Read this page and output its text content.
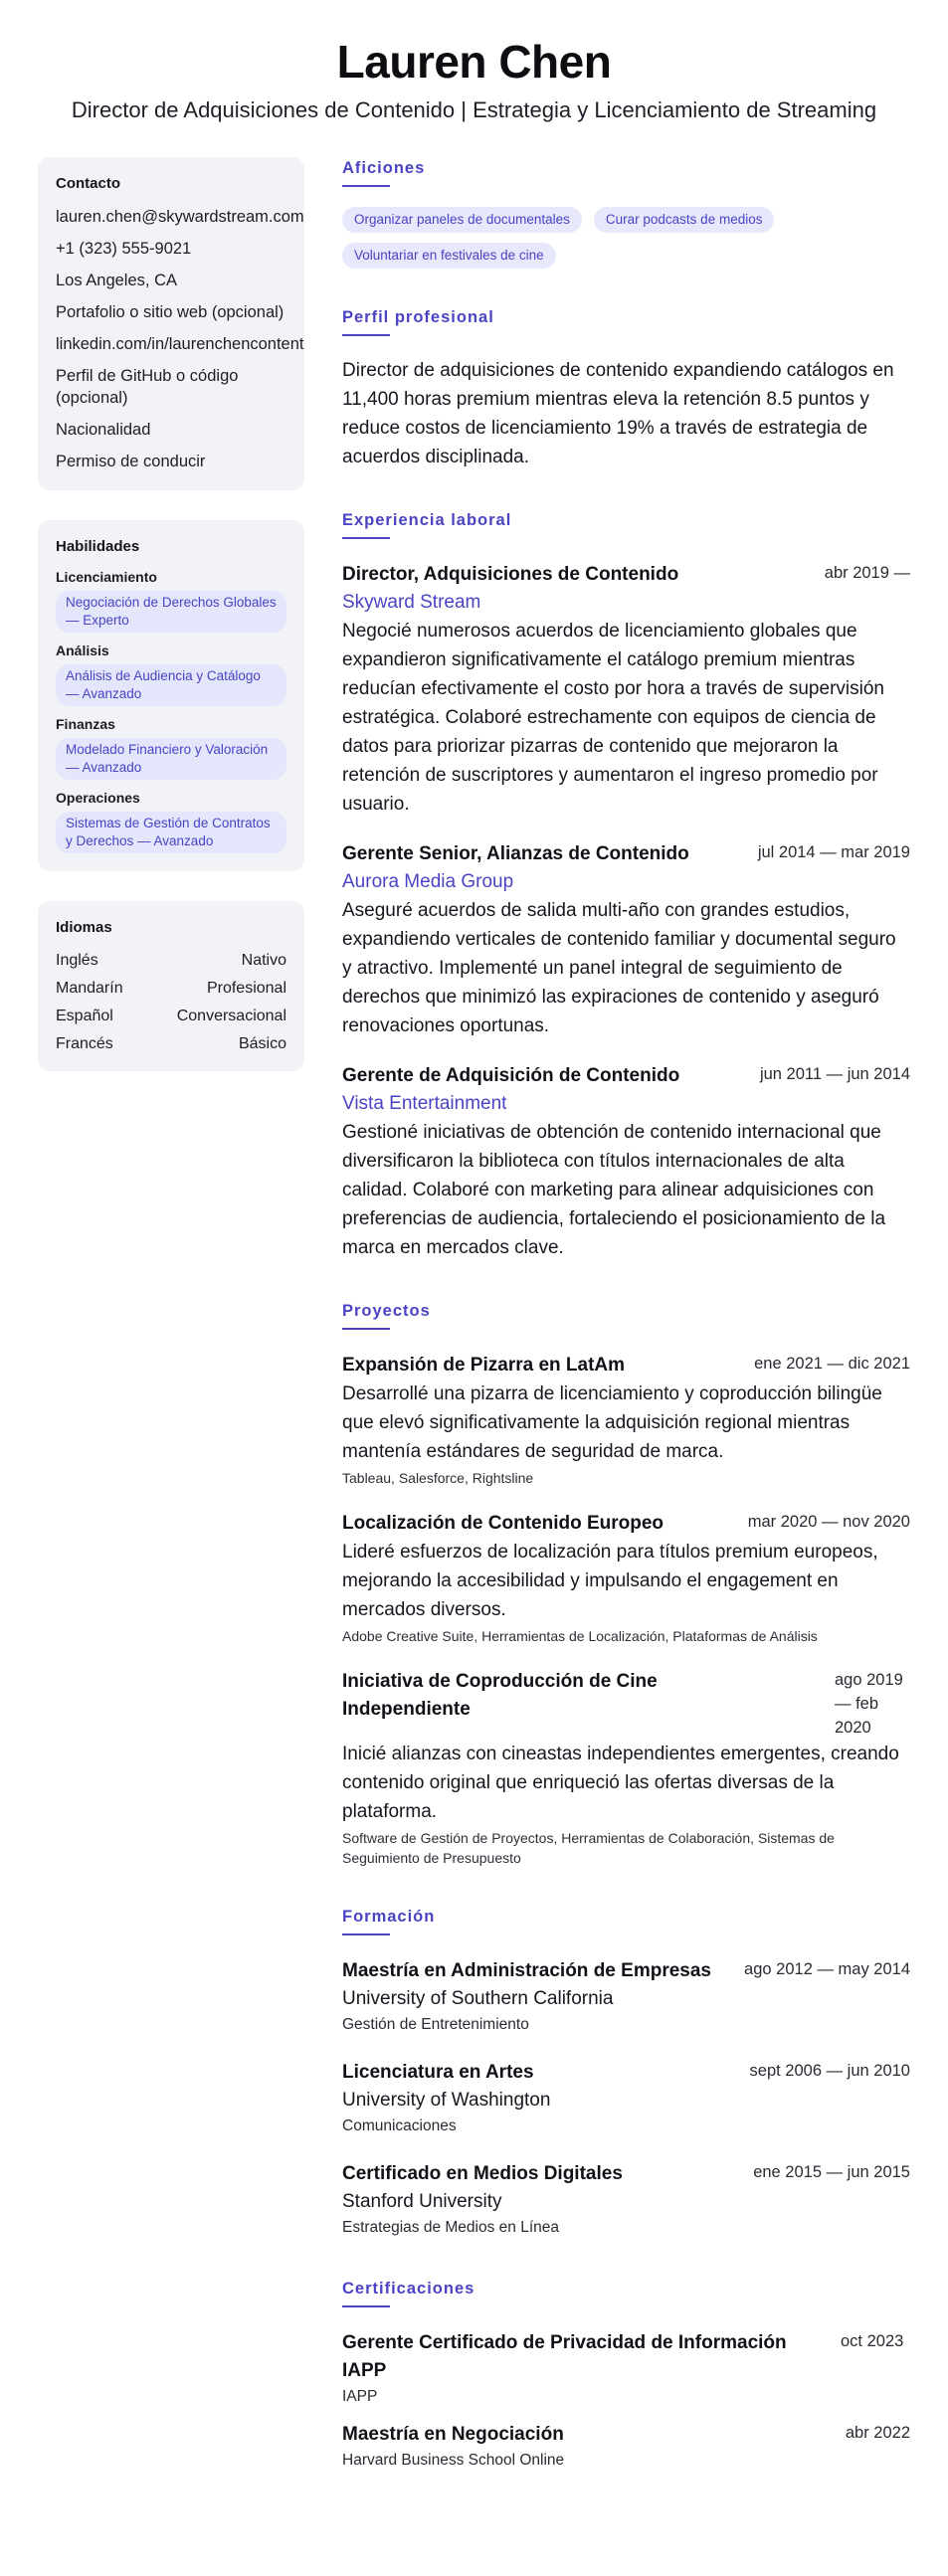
Lauren Chen
Director de Adquisiciones de Contenido | Estrategia y Licenciamiento de Streaming
Contacto
lauren.chen@skywardstream.com
+1 (323) 555-9021
Los Angeles, CA
Portafolio o sitio web (opcional)
linkedin.com/in/laurenchencontent
Perfil de GitHub o código (opcional)
Nacionalidad
Permiso de conducir
Habilidades
Licenciamiento
Negociación de Derechos Globales — Experto
Análisis
Análisis de Audiencia y Catálogo — Avanzado
Finanzas
Modelado Financiero y Valoración — Avanzado
Operaciones
Sistemas de Gestión de Contratos y Derechos — Avanzado
Idiomas
Inglés	Nativo
Mandarín	Profesional
Español	Conversacional
Francés	Básico
Aficiones
Organizar paneles de documentales	Curar podcasts de medios
Voluntariar en festivales de cine
Perfil profesional
Director de adquisiciones de contenido expandiendo catálogos en 11,400 horas premium mientras eleva la retención 8.5 puntos y reduce costos de licenciamiento 19% a través de estrategia de acuerdos disciplinada.
Experiencia laboral
Director, Adquisiciones de Contenido	abr 2019 —
Skyward Stream
Negocié numerosos acuerdos de licenciamiento globales que expandieron significativamente el catálogo premium mientras reducían efectivamente el costo por hora a través de supervisión estratégica. Colaboré estrechamente con equipos de ciencia de datos para priorizar pizarras de contenido que mejoraron la retención de suscriptores y aumentaron el ingreso promedio por usuario.
Gerente Senior, Alianzas de Contenido	jul 2014 — mar 2019
Aurora Media Group
Aseguré acuerdos de salida multi-año con grandes estudios, expandiendo verticales de contenido familiar y documental seguro y atractivo. Implementé un panel integral de seguimiento de derechos que minimizó las expiraciones de contenido y aseguró renovaciones oportunas.
Gerente de Adquisición de Contenido	jun 2011 — jun 2014
Vista Entertainment
Gestioné iniciativas de obtención de contenido internacional que diversificaron la biblioteca con títulos internacionales de alta calidad. Colaboré con marketing para alinear adquisiciones con preferencias de audiencia, fortaleciendo el posicionamiento de la marca en mercados clave.
Proyectos
Expansión de Pizarra en LatAm	ene 2021 — dic 2021
Desarrollé una pizarra de licenciamiento y coproducción bilingüe que elevó significativamente la adquisición regional mientras mantenía estándares de seguridad de marca.
Tableau, Salesforce, Rightsline
Localización de Contenido Europeo	mar 2020 — nov 2020
Lideré esfuerzos de localización para títulos premium europeos, mejorando la accesibilidad y impulsando el engagement en mercados diversos.
Adobe Creative Suite, Herramientas de Localización, Plataformas de Análisis
Iniciativa de Coproducción de Cine Independiente
ago 2019 — feb 2020
Inicié alianzas con cineastas independientes emergentes, creando contenido original que enriqueció las ofertas diversas de la plataforma.
Software de Gestión de Proyectos, Herramientas de Colaboración, Sistemas de Seguimiento de Presupuesto
Formación
Maestría en Administración de Empresas ago 2012 — may 2014
University of Southern California
Gestión de Entretenimiento
Licenciatura en Artes	sept 2006 — jun 2010
University of Washington
Comunicaciones
Certificado en Medios Digitales	ene 2015 — jun 2015
Stanford University
Estrategias de Medios en Línea
Certificaciones
Gerente Certificado de Privacidad de Información IAPP
oct 2023
IAPP
Maestría en Negociación	abr 2022
Harvard Business School Online
